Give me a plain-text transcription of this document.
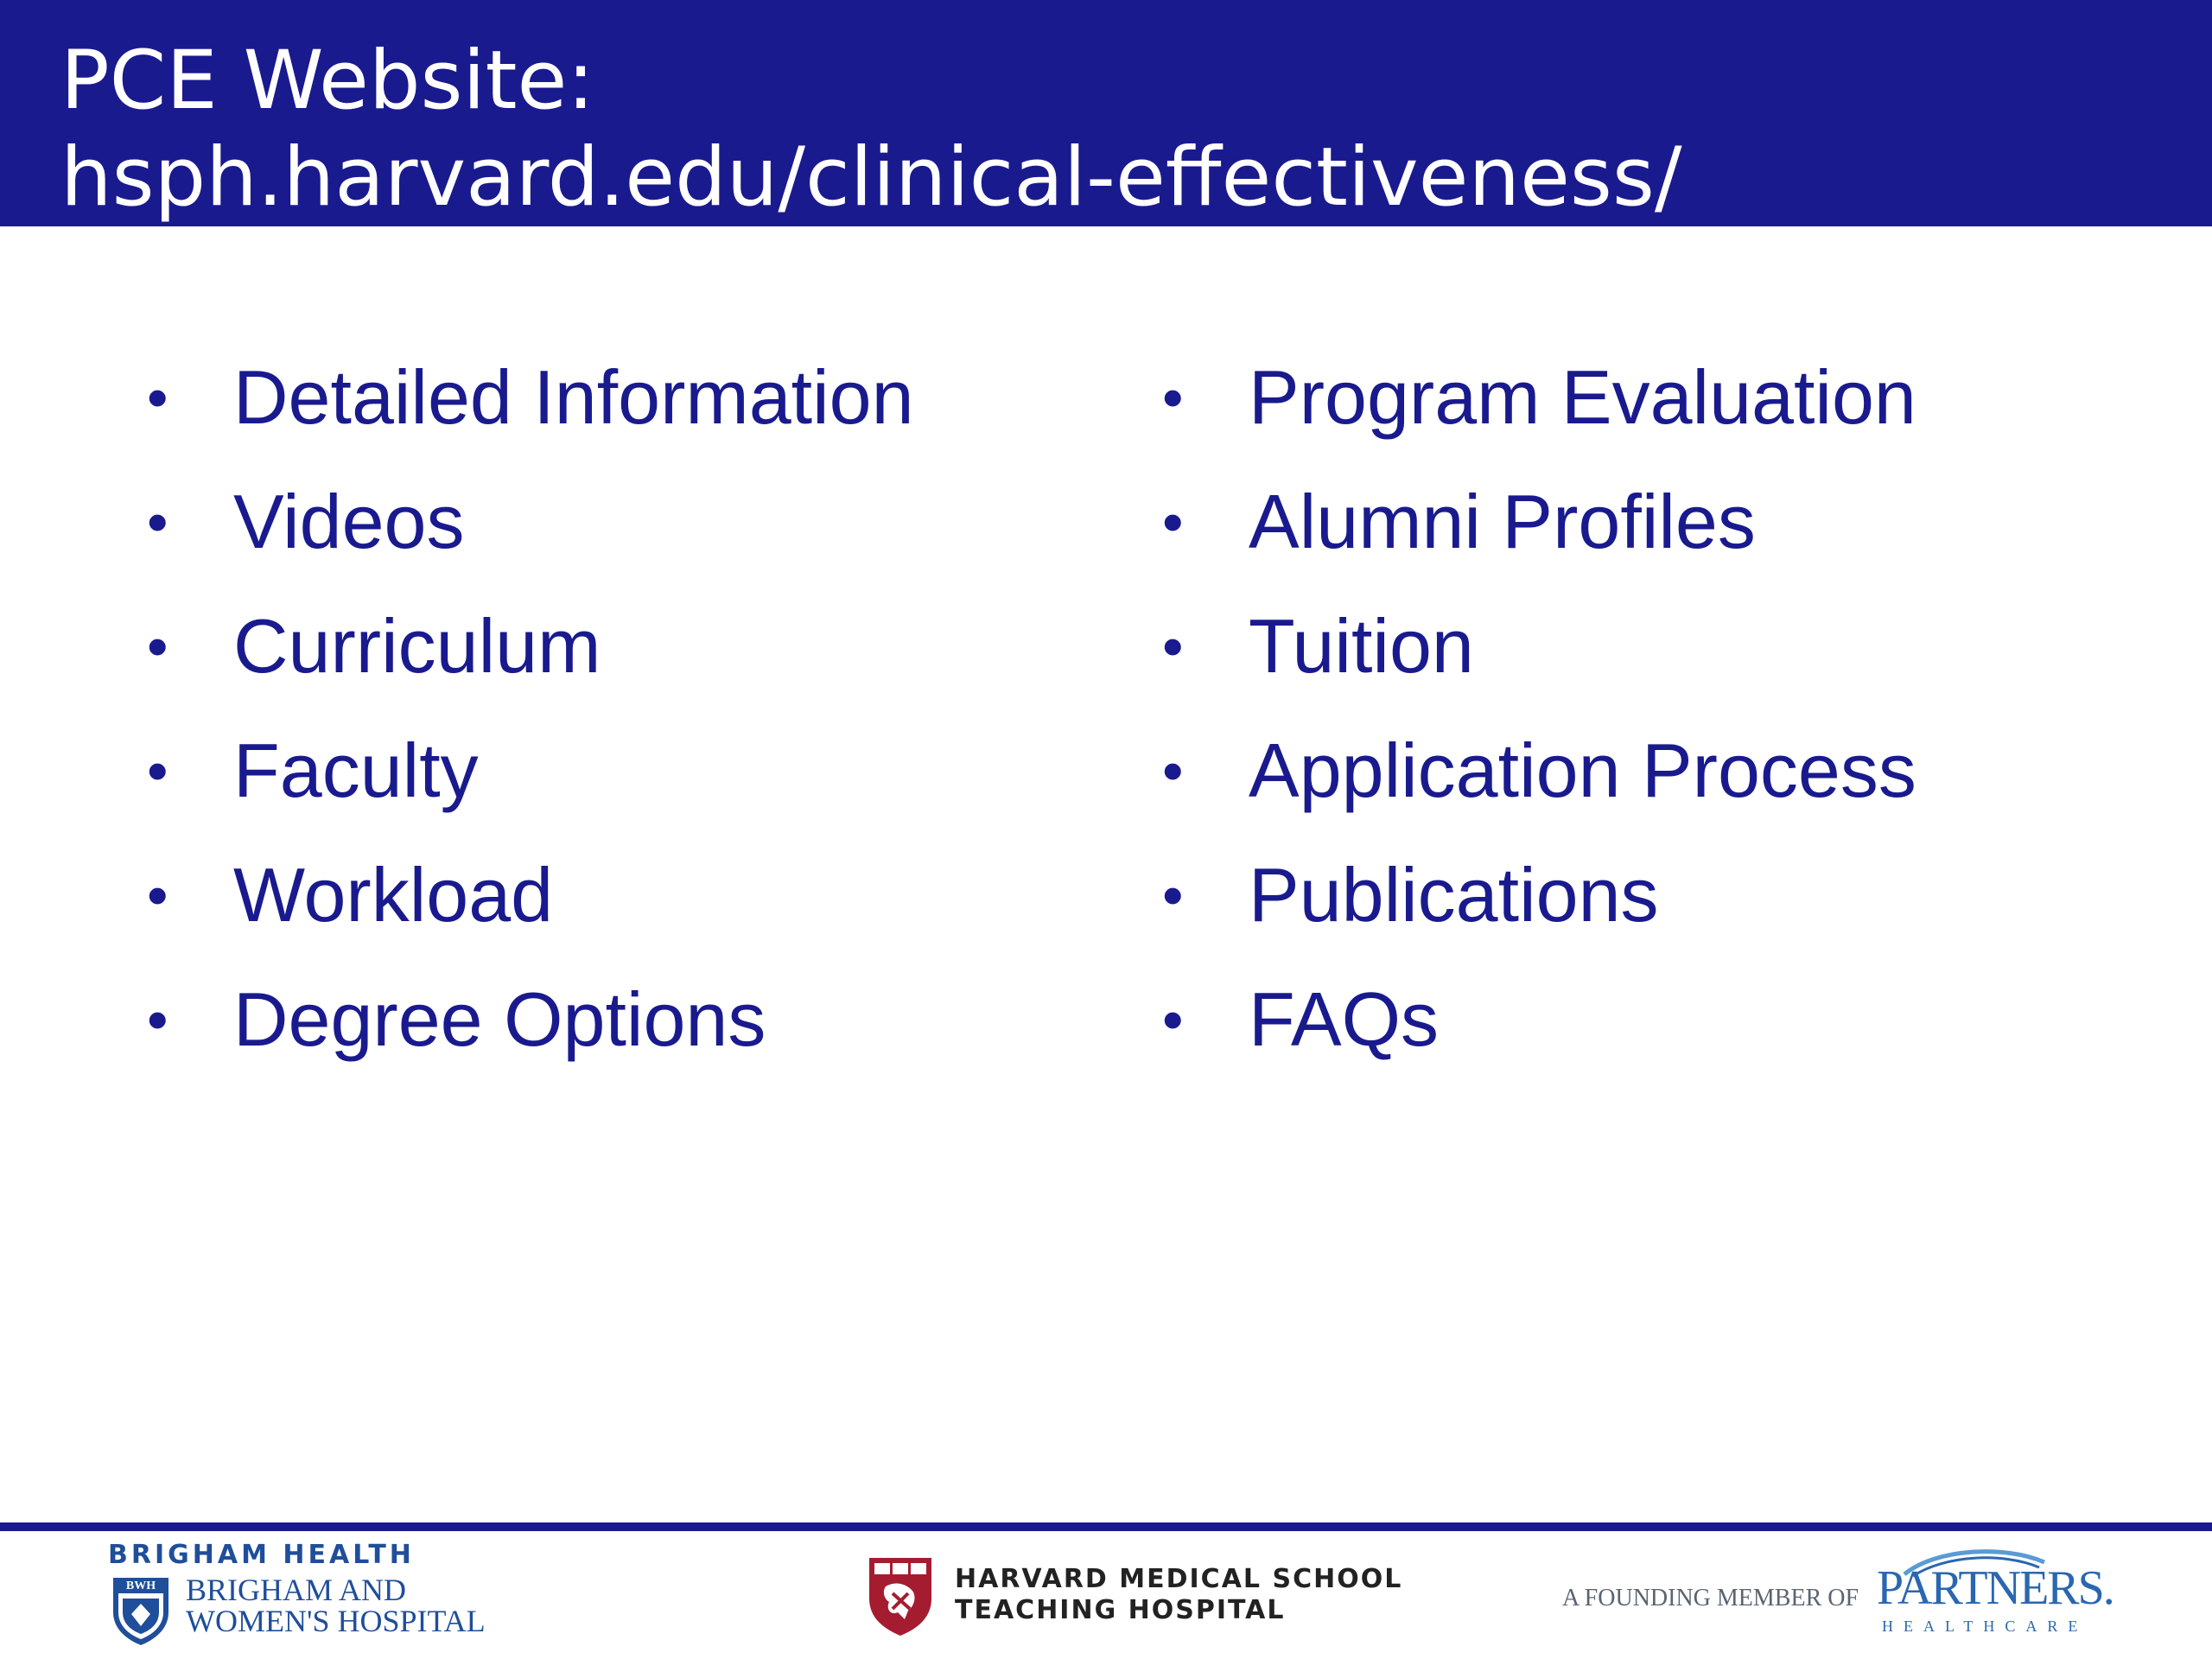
PCE Website:
hsph.harvard.edu/clinical-effectiveness/
• Detailed Information
• Videos
• Curriculum
• Faculty
• Workload
• Degree Options
• Program Evaluation
• Alumni Profiles
• Tuition
• Application Process
• Publications
• FAQs
BRIGHAM HEALTH
BWH BRIGHAM AND
WOMEN'S HOSPITAL
HARVARD MEDICAL SCHOOL
TEACHING HOSPITAL	A FOUNDING MEMBER OF PARTNERS.
HEALTHCARE
